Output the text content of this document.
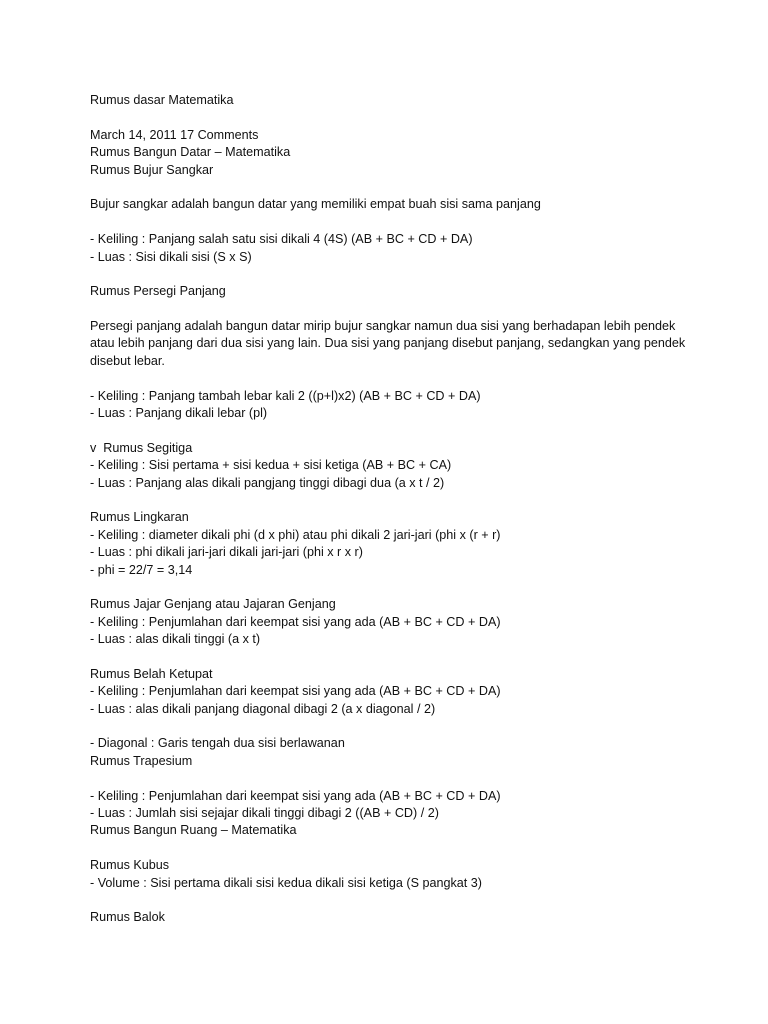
Rumus dasar Matematika
March 14, 2011 17 Comments
Rumus Bangun Datar – Matematika
Rumus Bujur Sangkar
Bujur sangkar adalah bangun datar yang memiliki empat buah sisi sama panjang
- Keliling : Panjang salah satu sisi dikali 4 (4S) (AB + BC + CD + DA)
- Luas : Sisi dikali sisi (S x S)
Rumus Persegi Panjang
Persegi panjang adalah bangun datar mirip bujur sangkar namun dua sisi yang berhadapan lebih pendek
atau lebih panjang dari dua sisi yang lain. Dua sisi yang panjang disebut panjang, sedangkan yang pendek
disebut lebar.
- Keliling : Panjang tambah lebar kali 2 ((p+l)x2) (AB + BC + CD + DA)
- Luas : Panjang dikali lebar (pl)
v  Rumus Segitiga
- Keliling : Sisi pertama + sisi kedua + sisi ketiga (AB + BC + CA)
- Luas : Panjang alas dikali pangjang tinggi dibagi dua (a x t / 2)
Rumus Lingkaran
- Keliling : diameter dikali phi (d x phi) atau phi dikali 2 jari-jari (phi x (r + r)
- Luas : phi dikali jari-jari dikali jari-jari (phi x r x r)
- phi = 22/7 = 3,14
Rumus Jajar Genjang atau Jajaran Genjang
- Keliling : Penjumlahan dari keempat sisi yang ada (AB + BC + CD + DA)
- Luas : alas dikali tinggi (a x t)
Rumus Belah Ketupat
- Keliling : Penjumlahan dari keempat sisi yang ada (AB + BC + CD + DA)
- Luas : alas dikali panjang diagonal dibagi 2 (a x diagonal / 2)
- Diagonal : Garis tengah dua sisi berlawanan
Rumus Trapesium
- Keliling : Penjumlahan dari keempat sisi yang ada (AB + BC + CD + DA)
- Luas : Jumlah sisi sejajar dikali tinggi dibagi 2 ((AB + CD) / 2)
Rumus Bangun Ruang – Matematika
Rumus Kubus
- Volume : Sisi pertama dikali sisi kedua dikali sisi ketiga (S pangkat 3)
Rumus Balok
